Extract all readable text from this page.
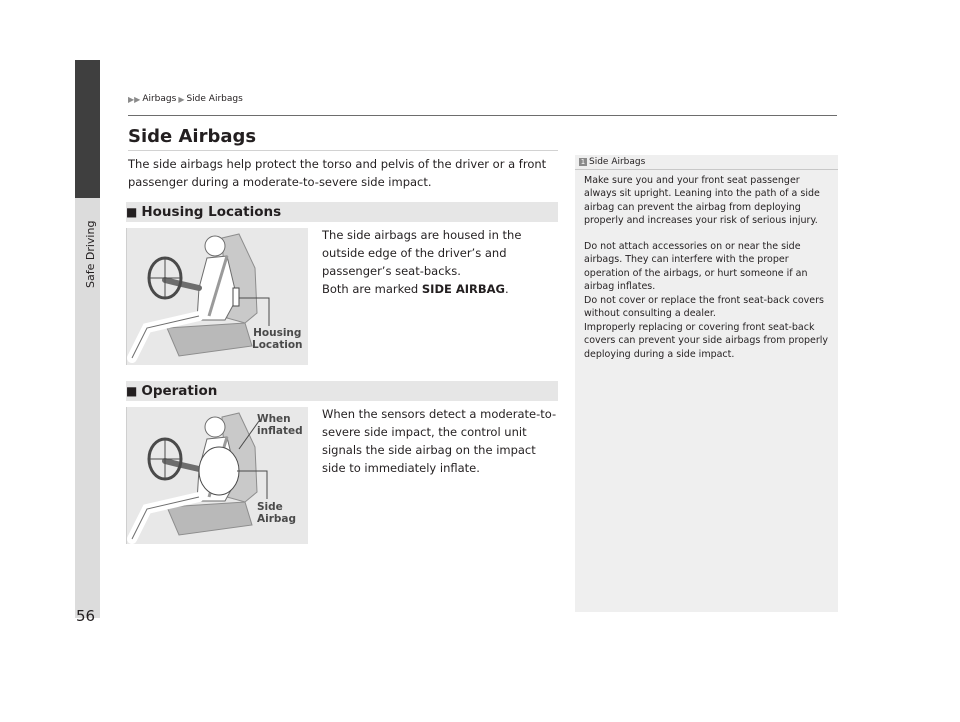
Safe Driving
56
▶▶ Airbags ▶ Side Airbags
Side Airbags

The side airbags help protect the torso and pelvis of the driver or a front passenger during a moderate-to-severe side impact.

■ Housing Locations
Housing
Location

The side airbags are housed in the outside edge of the driver’s and passenger’s seat-backs.

Both are marked SIDE AIRBAG.

■ Operation
When
inflated
Side
Airbag

When the sensors detect a moderate-to-severe side impact, the control unit signals the side airbag on the impact side to immediately inflate.

1 Side Airbags

Make sure you and your front seat passenger always sit upright. Leaning into the path of a side airbag can prevent the airbag from deploying properly and increases your risk of serious injury.

Do not attach accessories on or near the side airbags. They can interfere with the proper operation of the airbags, or hurt someone if an airbag inflates.

Do not cover or replace the front seat-back covers without consulting a dealer.

Improperly replacing or covering front seat-back covers can prevent your side airbags from properly deploying during a side impact.
